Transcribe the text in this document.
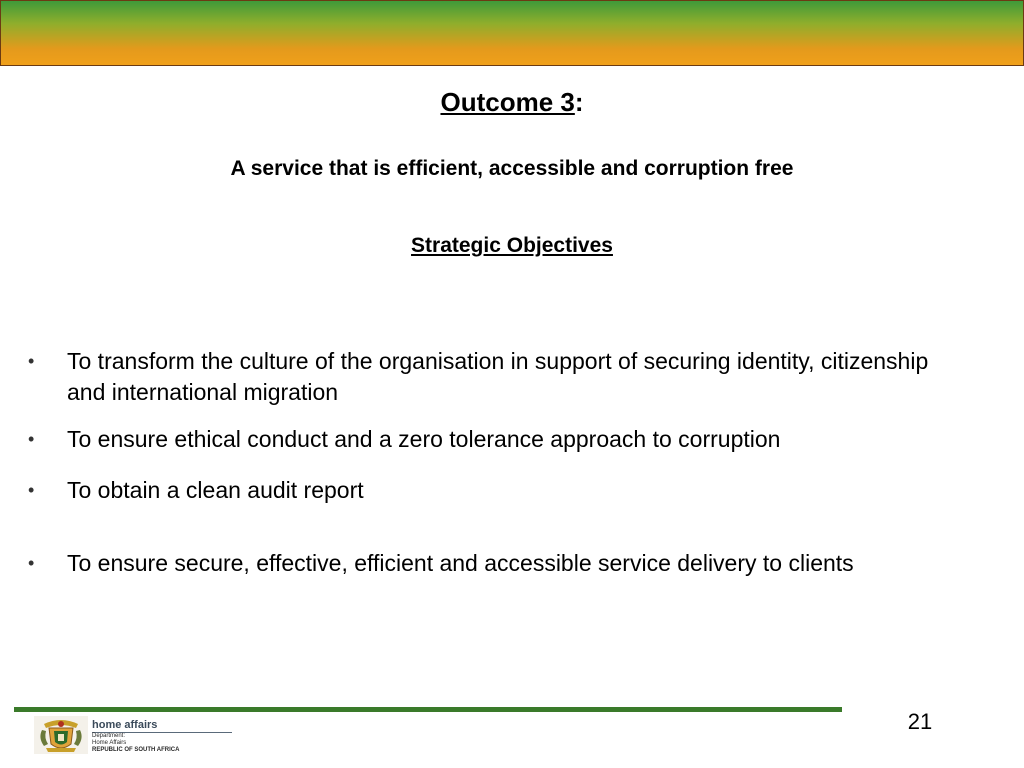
Outcome 3:
A service that is efficient, accessible and corruption free
Strategic Objectives
• To transform the culture of the organisation in support of securing identity, citizenship and international migration
• To ensure ethical conduct and a zero tolerance approach to corruption
• To obtain a clean audit report
• To ensure secure, effective, efficient and accessible service delivery to clients
21
home affairs
Department:
Home Affairs
REPUBLIC OF SOUTH AFRICA
